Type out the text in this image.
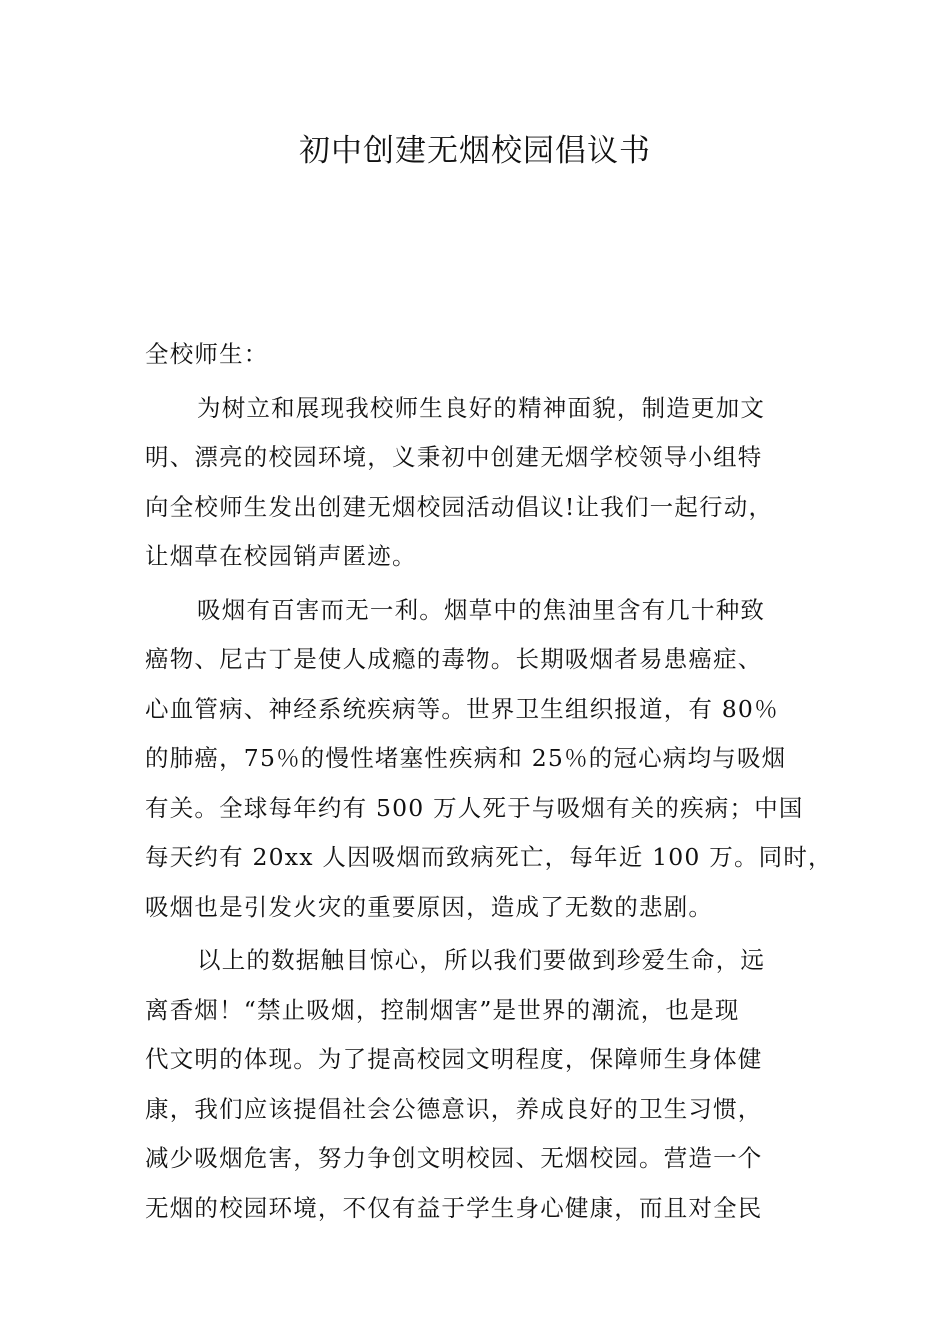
初中创建无烟校园倡议书
全校师生：
为树立和展现我校师生良好的精神面貌，制造更加文
明、漂亮的校园环境，义秉初中创建无烟学校领导小组特
向全校师生发出创建无烟校园活动倡议!让我们一起行动，
让烟草在校园销声匿迹。
吸烟有百害而无一利。烟草中的焦油里含有几十种致
癌物、尼古丁是使人成瘾的毒物。长期吸烟者易患癌症、
心血管病、神经系统疾病等。世界卫生组织报道，有 80％
的肺癌，75％的慢性堵塞性疾病和 25％的冠心病均与吸烟
有关。全球每年约有 500 万人死于与吸烟有关的疾病；中国
每天约有 20xx 人因吸烟而致病死亡，每年近 100 万。同时，
吸烟也是引发火灾的重要原因，造成了无数的悲剧。
以上的数据触目惊心，所以我们要做到珍爱生命，远
离香烟！“禁止吸烟，控制烟害”是世界的潮流，也是现
代文明的体现。为了提高校园文明程度，保障师生身体健
康，我们应该提倡社会公德意识，养成良好的卫生习惯，
减少吸烟危害，努力争创文明校园、无烟校园。营造一个
无烟的校园环境，不仅有益于学生身心健康，而且对全民
